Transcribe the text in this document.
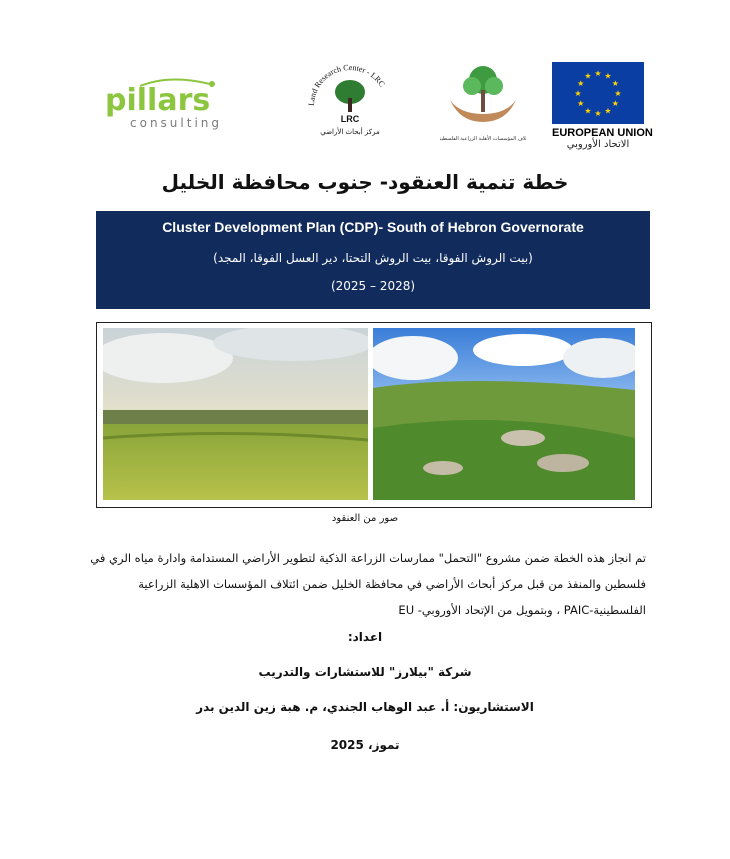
pillars
consulting
Land Research Center - LRC
LRC
مركز أبحاث الأراضي
ائتلاف المؤسسات الأهلية الزراعية الفلسطينية
★ ★
★
★
★
★
★
★
★
★
★
★
EUROPEAN UNION
الاتحاد الأوروبي
خطة تنمية العنقود- جنوب محافظة الخليل
Cluster Development Plan (CDP)- South of Hebron Governorate
(بيت الروش الفوقا، بيت الروش التحتا، دير العسل الفوقا، المجد)
(2025 – 2028)
صور من العنقود
تم انجاز هذه الخطة ضمن مشروع "التحمل" ممارسات الزراعة الذكية لتطوير الأراضي المستدامة وادارة مياه الري في
فلسطين والمنفذ من قبل مركز أبحاث الأراضي في محافظة الخليل ضمن ائتلاف المؤسسات الاهلية الزراعية
الفلسطينية-PAIC ، وبتمويل من الإتحاد الأوروبي- EU
اعداد:
شركة "بيلارز" للاستشارات والتدريب
الاستشاريون: أ. عبد الوهاب الجندي، م. هبة زين الدين بدر
تموز، 2025
